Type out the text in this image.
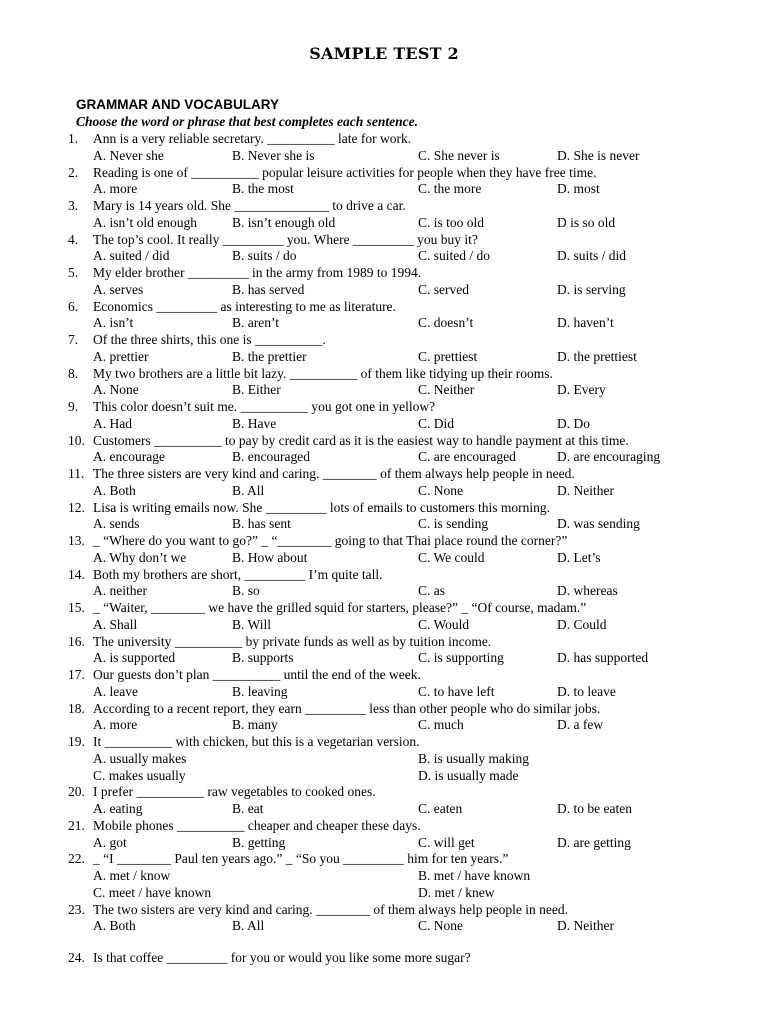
SAMPLE TEST 2
GRAMMAR AND VOCABULARY
Choose the word or phrase that best completes each sentence.
1. Ann is a very reliable secretary. __________ late for work.
A. Never she	B. Never she is	C. She never is	D. She is never
2. Reading is one of __________ popular leisure activities for people when they have free time.
A. more	B. the most	C. the more	D. most
3. Mary is 14 years old. She ______________ to drive a car.
A. isn’t old enough	B. isn’t enough old	C. is too old	D is so old
4. The top’s cool. It really _________ you. Where _________ you buy it?
A. suited / did	B. suits / do	C. suited / do	D. suits / did
5. My elder brother _________ in the army from 1989 to 1994.
A. serves	B. has served	C. served	D. is serving
6. Economics _________ as interesting to me as literature.
A. isn’t	B. aren’t	C. doesn’t	D. haven’t
7. Of the three shirts, this one is __________.
A. prettier	B. the prettier	C. prettiest	D. the prettiest
8. My two brothers are a little bit lazy. __________ of them like tidying up their rooms.
A. None	B. Either	C. Neither	D. Every
9. This color doesn’t suit me. __________ you got one in yellow?
A. Had	B. Have	C. Did	D. Do
10. Customers __________ to pay by credit card as it is the easiest way to handle payment at this time.
A. encourage	B. encouraged	C. are encouraged	D. are encouraging
11. The three sisters are very kind and caring. ________ of them always help people in need.
A. Both	B. All	C. None	D. Neither
12. Lisa is writing emails now. She _________ lots of emails to customers this morning.
A. sends	B. has sent	C. is sending	D. was sending
13. _ “Where do you want to go?” _ “________ going to that Thai place round the corner?”
A. Why don’t we	B. How about	C. We could	D. Let’s
14. Both my brothers are short, _________ I’m quite tall.
A. neither	B. so	C. as	D. whereas
15. _ “Waiter, ________ we have the grilled squid for starters, please?” _ “Of course, madam.”
A. Shall	B. Will	C. Would	D. Could
16. The university __________ by private funds as well as by tuition income.
A. is supported	B. supports	C. is supporting	D. has supported
17. Our guests don’t plan __________ until the end of the week.
A. leave	B. leaving	C. to have left	D. to leave
18. According to a recent report, they earn _________ less than other people who do similar jobs.
A. more	B. many	C. much	D. a few
19. It __________ with chicken, but this is a vegetarian version.
A. usually makes	B. is usually making
C. makes usually	D. is usually made
20. I prefer __________ raw vegetables to cooked ones.
A. eating	B. eat	C. eaten	D. to be eaten
21. Mobile phones __________ cheaper and cheaper these days.
A. got	B. getting	C. will get	D. are getting
22. _ “I ________ Paul ten years ago.” _ “So you _________ him for ten years.”
A. met / know	B. met / have known
C. meet / have known	D. met / knew
23. The two sisters are very kind and caring. ________ of them always help people in need.
A. Both	B. All	C. None	D. Neither
24. Is that coffee _________ for you or would you like some more sugar?
